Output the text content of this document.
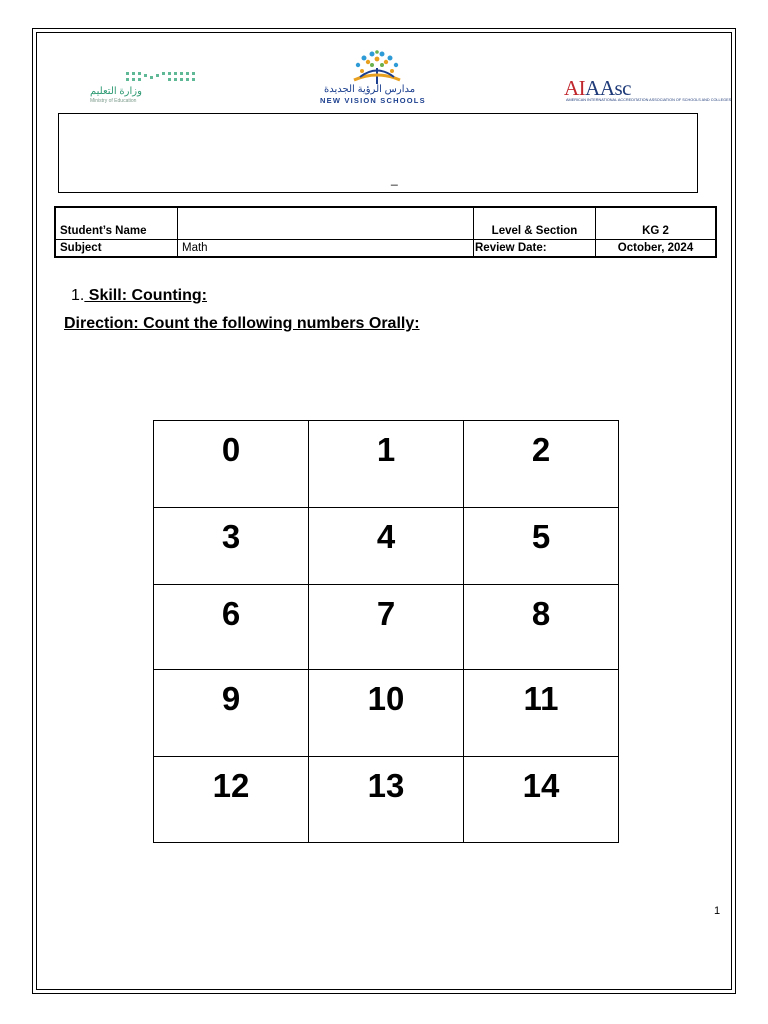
وزارة التعليم
Ministry of Education
مدارس الرؤية الجديدة
NEW VISION SCHOOLS
AIAAsc
AMERICAN INTERNATIONAL ACCREDITATION ASSOCIATION OF SCHOOLS AND COLLEGES
_
Student’s Name		Level & Section	KG 2
Subject	Math	Review Date:	October, 2024
1. Skill: Counting:
Direction: Count the following numbers Orally:
0	1	2

3	4	5

6	7	8

9	10	11

12	13	14
1
